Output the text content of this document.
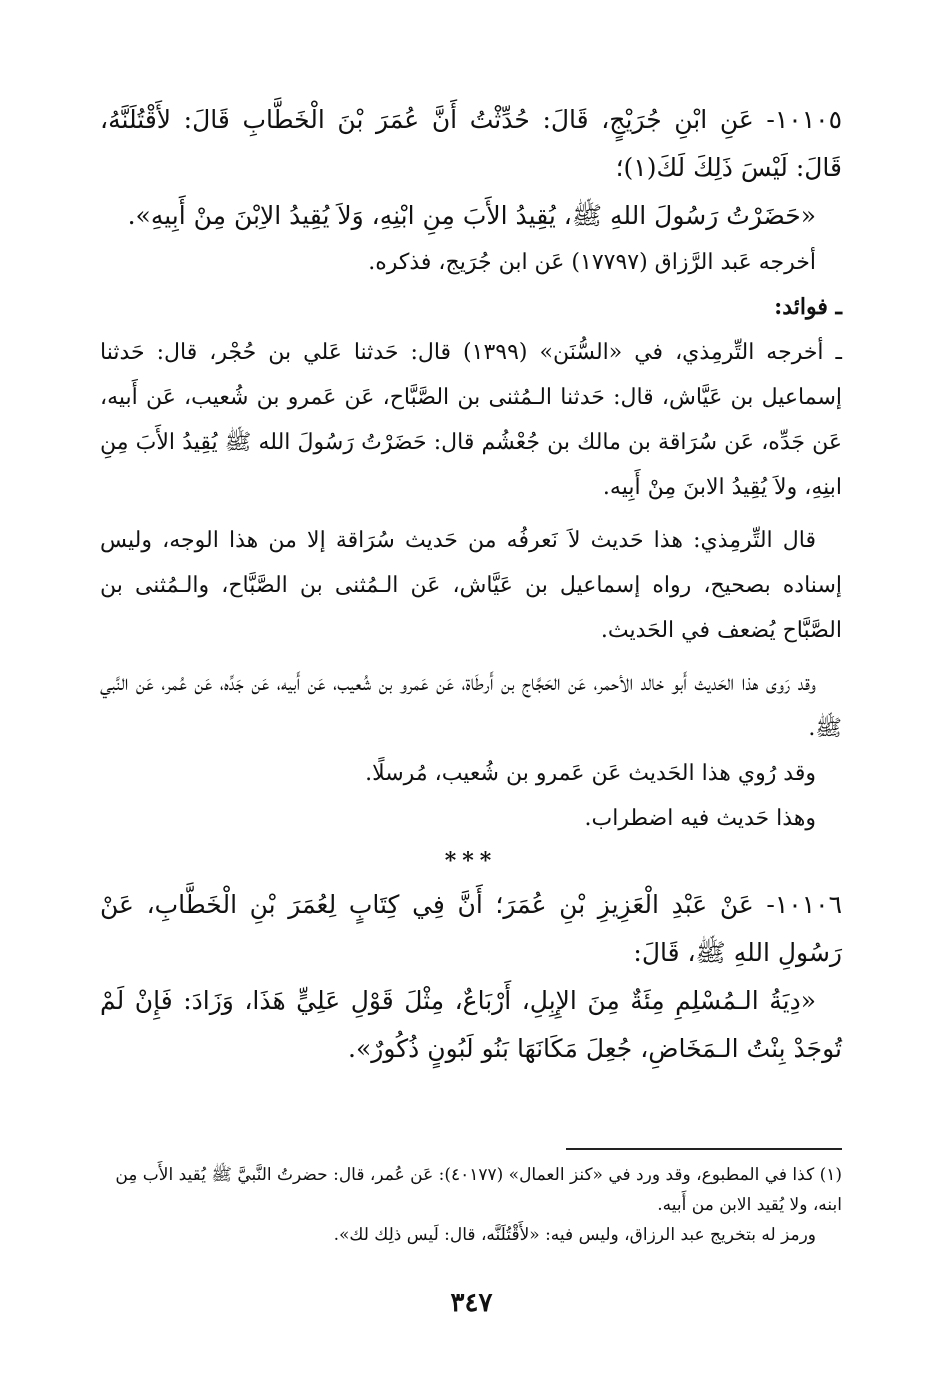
١٠١٠٥- عَنِ ابْنِ جُرَيْجٍ، قَالَ: حُدِّثْتُ أَنَّ عُمَرَ بْنَ الْخَطَّابِ قَالَ: لأَقْتُلَنَّهُ، قَالَ: لَيْسَ ذَلِكَ لَكَ(١)؛

«حَضَرْتُ رَسُولَ اللهِ ﷺ، يُقِيدُ الأَبَ مِنِ ابْنِهِ، وَلاَ يُقِيدُ الاِبْنَ مِنْ أَبِيهِ».

أخرجه عَبد الرَّزاق (١٧٧٩٧) عَن ابن جُرَيج، فذكره.

ـ فوائد:

ـ أخرجه التِّرمِذي، في «السُّنَن» (١٣٩٩) قال: حَدثنا عَلي بن حُجْر، قال: حَدثنا إسماعيل بن عَيَّاش، قال: حَدثنا الـمُثنى بن الصَّبَّاح، عَن عَمرو بن شُعيب، عَن أَبيه، عَن جَدِّه، عَن سُرَاقة بن مالك بن جُعْشُم قال: حَضَرْتُ رَسُولَ الله ﷺ يُقِيدُ الأَبَ مِنِ ابنِهِ، ولاَ يُقِيدُ الابنَ مِنْ أَبِيه.

قال التِّرمِذي: هذا حَديث لاَ نَعرفُه من حَديث سُرَاقة إلا من هذا الوجه، وليس إسناده بصحيح، رواه إسماعيل بن عَيَّاش، عَن الـمُثنى بن الصَّبَّاح، والـمُثنى بن الصَّبَّاح يُضعف في الحَديث.

وقد رَوى هذا الحَديث أَبو خالد الأحمر، عَن الحَجَّاج بن أَرطَاة، عَن عَمرو بن شُعيب، عَن أَبيه، عَن جَدِّه، عَن عُمر، عَن النَّبي ﷺ.

وقد رُوي هذا الحَديث عَن عَمرو بن شُعيب، مُرسلًا.

وهذا حَديث فيه اضطراب.

***

١٠١٠٦- عَنْ عَبْدِ الْعَزِيزِ بْنِ عُمَرَ؛ أَنَّ فِي كِتَابٍ لِعُمَرَ بْنِ الْخَطَّابِ، عَنْ رَسُولِ اللهِ ﷺ، قَالَ:

«دِيَةُ الـمُسْلِمِ مِئَةٌ مِنَ الإِبِلِ، أَرْبَاعٌ، مِثْلَ قَوْلِ عَلِيٍّ هَذَا، وَزَادَ: فَإِنْ لَمْ تُوجَدْ بِنْتُ الـمَخَاضِ، جُعِلَ مَكَانَهَا بَنُو لَبُونٍ ذُكُورٌ».

(١) كذا في المطبوع، وقد ورد في «كنز العمال» (٤٠١٧٧): عَن عُمر، قال: حضرتُ النَّبيَّ ﷺ يُقيد الأَب مِن ابنه، ولا يُقيد الابن من أَبيه.

ورمز له بتخريج عبد الرزاق، وليس فيه: «لأَقْتُلَنَّه، قال: لَيس ذلِك لك».

٣٤٧
